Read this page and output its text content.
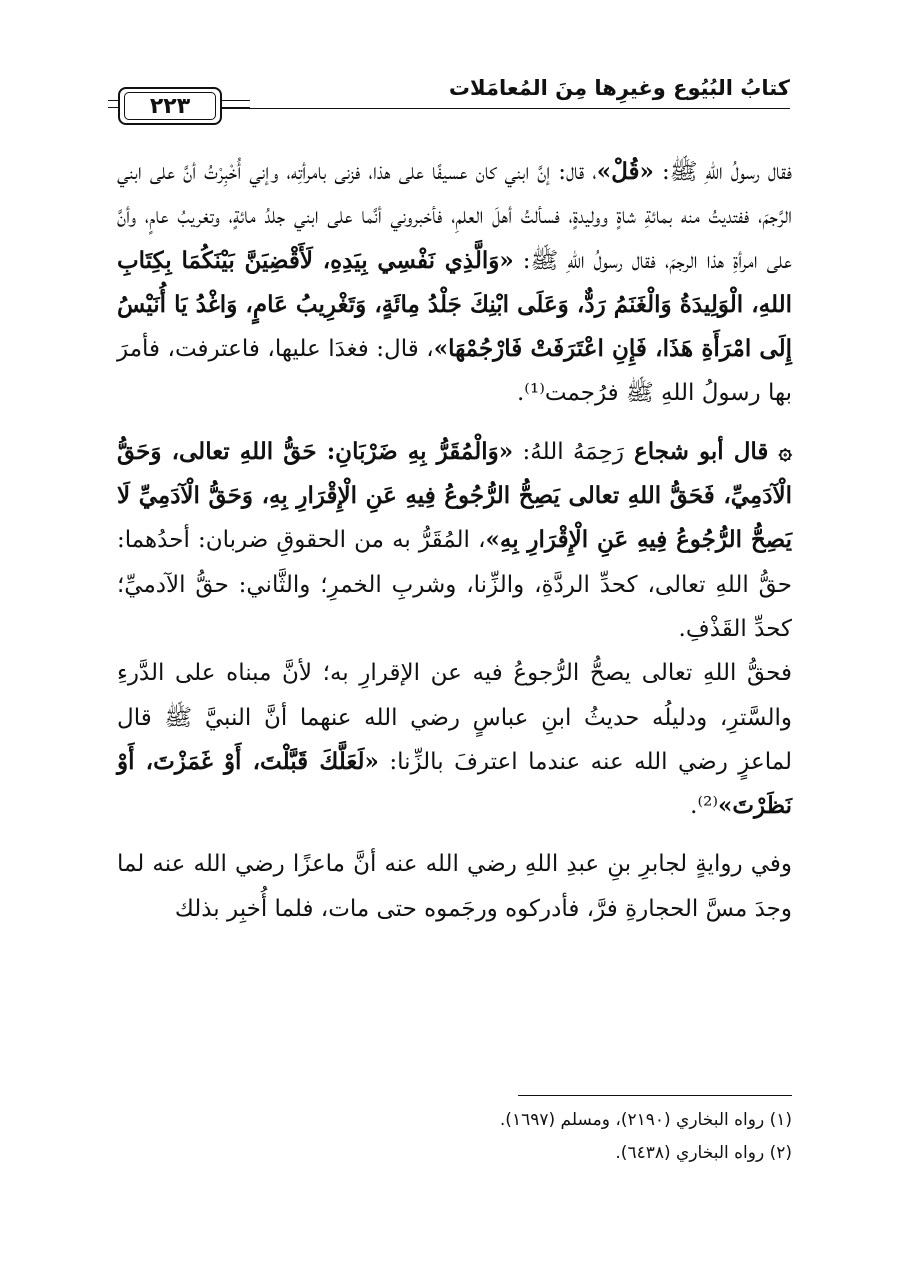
كتابُ البُيُوع وغيرِها مِنَ المُعامَلات
٢٢٣

فقال رسولُ اللهِ ﷺ: «قُلْ»، قال: إنَّ ابني كان عسيفًا على هذا، فزنى بامرأتِه، وإني أُخْبِرْتُ أنَّ على ابني الرَّجمَ، ففتديتُ منه بمائةِ شاةٍ ووليدةٍ، فسألتُ أهلَ العلمِ، فأخبروني أنَّما على ابني جلدُ مائةٍ، وتغريبُ عامٍ، وأنَّ على امرأةِ هذا الرجمَ، فقال رسولُ اللهِ ﷺ: «وَالَّذِي نَفْسِي بِيَدِهِ، لَأَقْضِيَنَّ بَيْنَكُمَا بِكِتَابِ اللهِ، الْوَلِيدَةُ وَالْغَنَمُ رَدٌّ، وَعَلَى ابْنِكَ جَلْدُ مِائَةٍ، وَتَغْرِيبُ عَامٍ، وَاغْدُ يَا أُنَيْسُ إِلَى امْرَأَةِ هَذَا، فَإِنِ اعْتَرَفَتْ فَارْجُمْهَا»، قال: فغدَا عليها، فاعترفت، فأمرَ بها رسولُ اللهِ ﷺ فرُجمت⁽¹⁾.

۞ قال أبو شجاع رَحِمَهُ اللهُ: «وَالْمُقَرُّ بِهِ ضَرْبَانِ: حَقُّ اللهِ تعالى، وَحَقُّ الْآدَمِيِّ، فَحَقُّ اللهِ تعالى يَصِحُّ الرُّجُوعُ فِيهِ عَنِ الْإِقْرَارِ بِهِ، وَحَقُّ الْآدَمِيِّ لَا يَصِحُّ الرُّجُوعُ فِيهِ عَنِ الْإِقْرَارِ بِهِ»، المُقَرُّ به من الحقوقِ ضربان: أحدُهما: حقُّ اللهِ تعالى، كحدِّ الردَّةِ، والزِّنا، وشربِ الخمرِ؛ والثَّاني: حقُّ الآدميِّ؛ كحدِّ القَذْفِ.

فحقُّ اللهِ تعالى يصحُّ الرُّجوعُ فيه عن الإقرارِ به؛ لأنَّ مبناه على الدَّرءِ والسَّترِ، ودليلُه حديثُ ابنِ عباسٍ رضي الله عنهما أنَّ النبيَّ ﷺ قال لماعزٍ رضي الله عنه عندما اعترفَ بالزِّنا: «لَعَلَّكَ قَبَّلْتَ، أَوْ غَمَزْتَ، أَوْ نَظَرْتَ»⁽²⁾.

وفي روايةٍ لجابرِ بنِ عبدِ اللهِ رضي الله عنه أنَّ ماعزًا رضي الله عنه لما وجدَ مسَّ الحجارةِ فرَّ، فأدركوه ورجَموه حتى مات، فلما أُخبِر بذلك

(١) رواه البخاري (٢١٩٠)، ومسلم (١٦٩٧).
(٢) رواه البخاري (٦٤٣٨).
